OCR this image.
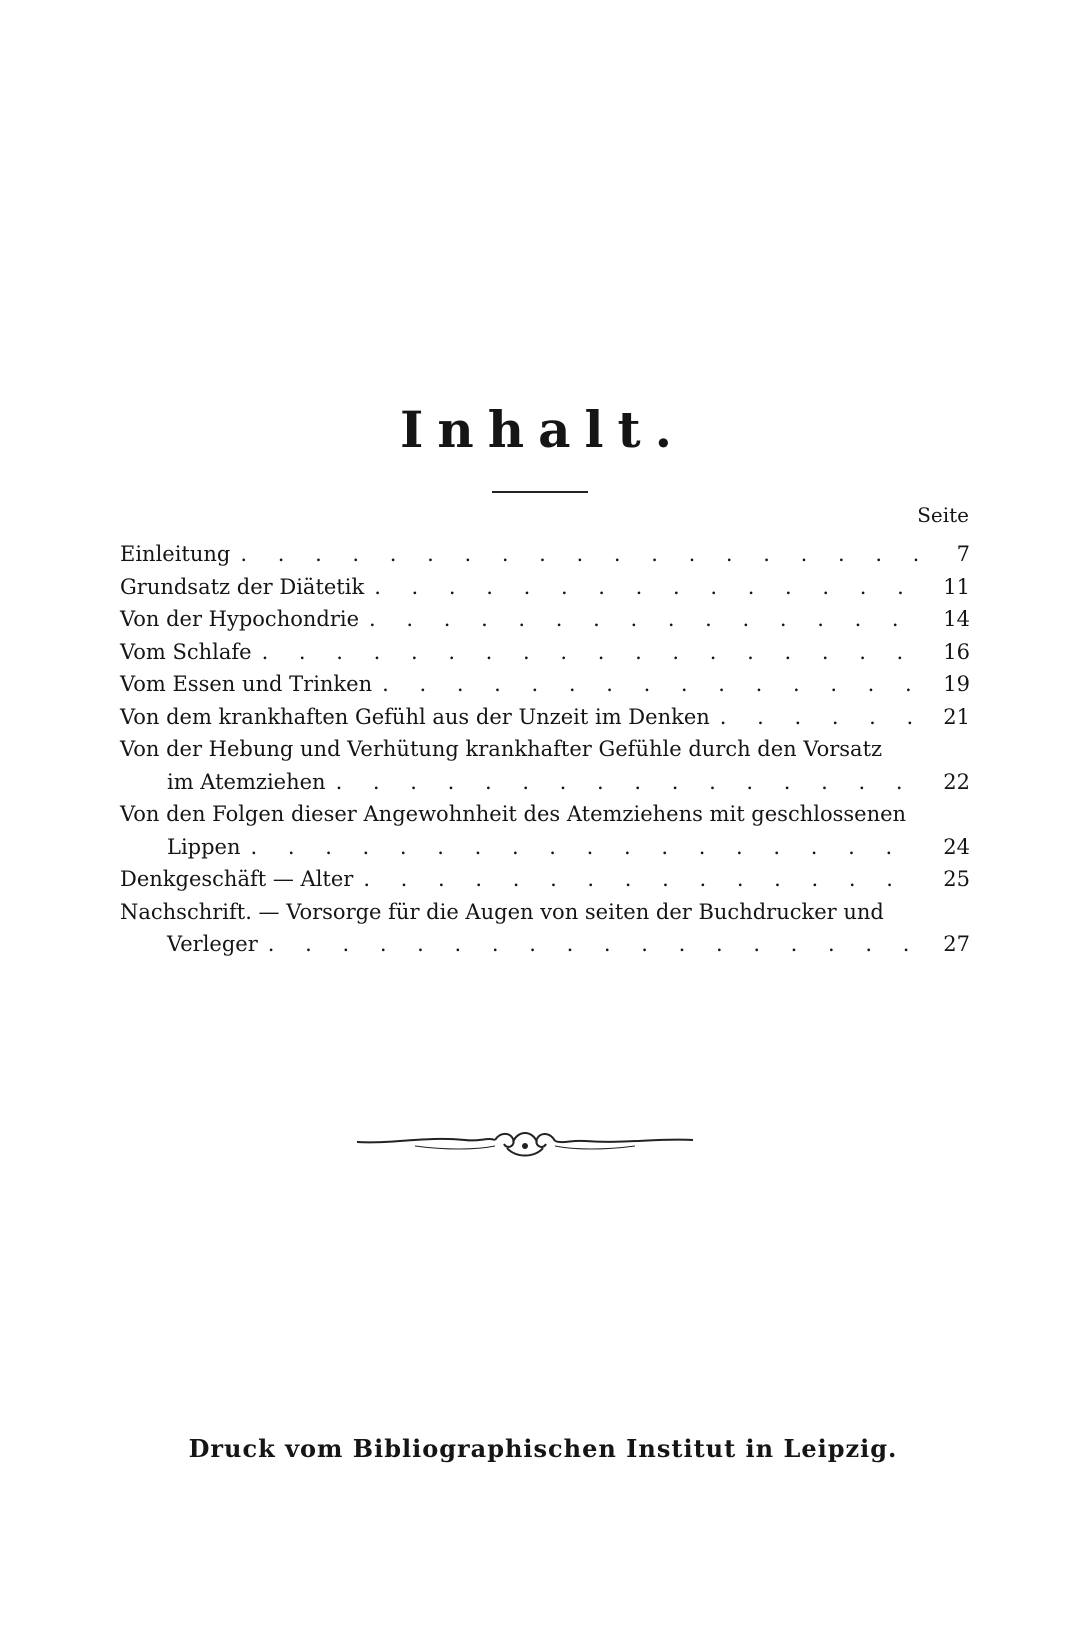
Inhalt.
Seite
Einleitung . . .	7
Grundsatz der Diätetik . . .	11
Von der Hypochondrie . . .	14
Vom Schlafe . . .	16
Vom Essen und Trinken . . .	19
Von dem krankhaften Gefühl aus der Unzeit im Denken . . .	21
Von der Hebung und Verhütung krankhafter Gefühle durch den Vorsatz
im Atemziehen . . .	22
Von den Folgen dieser Angewohnheit des Atemziehens mit geschlossenen
Lippen . . .	24
Denkgeschäft — Alter . . .	25
Nachschrift. — Vorsorge für die Augen von seiten der Buchdrucker und
Verleger . . .	27
Druck vom Bibliographischen Institut in Leipzig.
